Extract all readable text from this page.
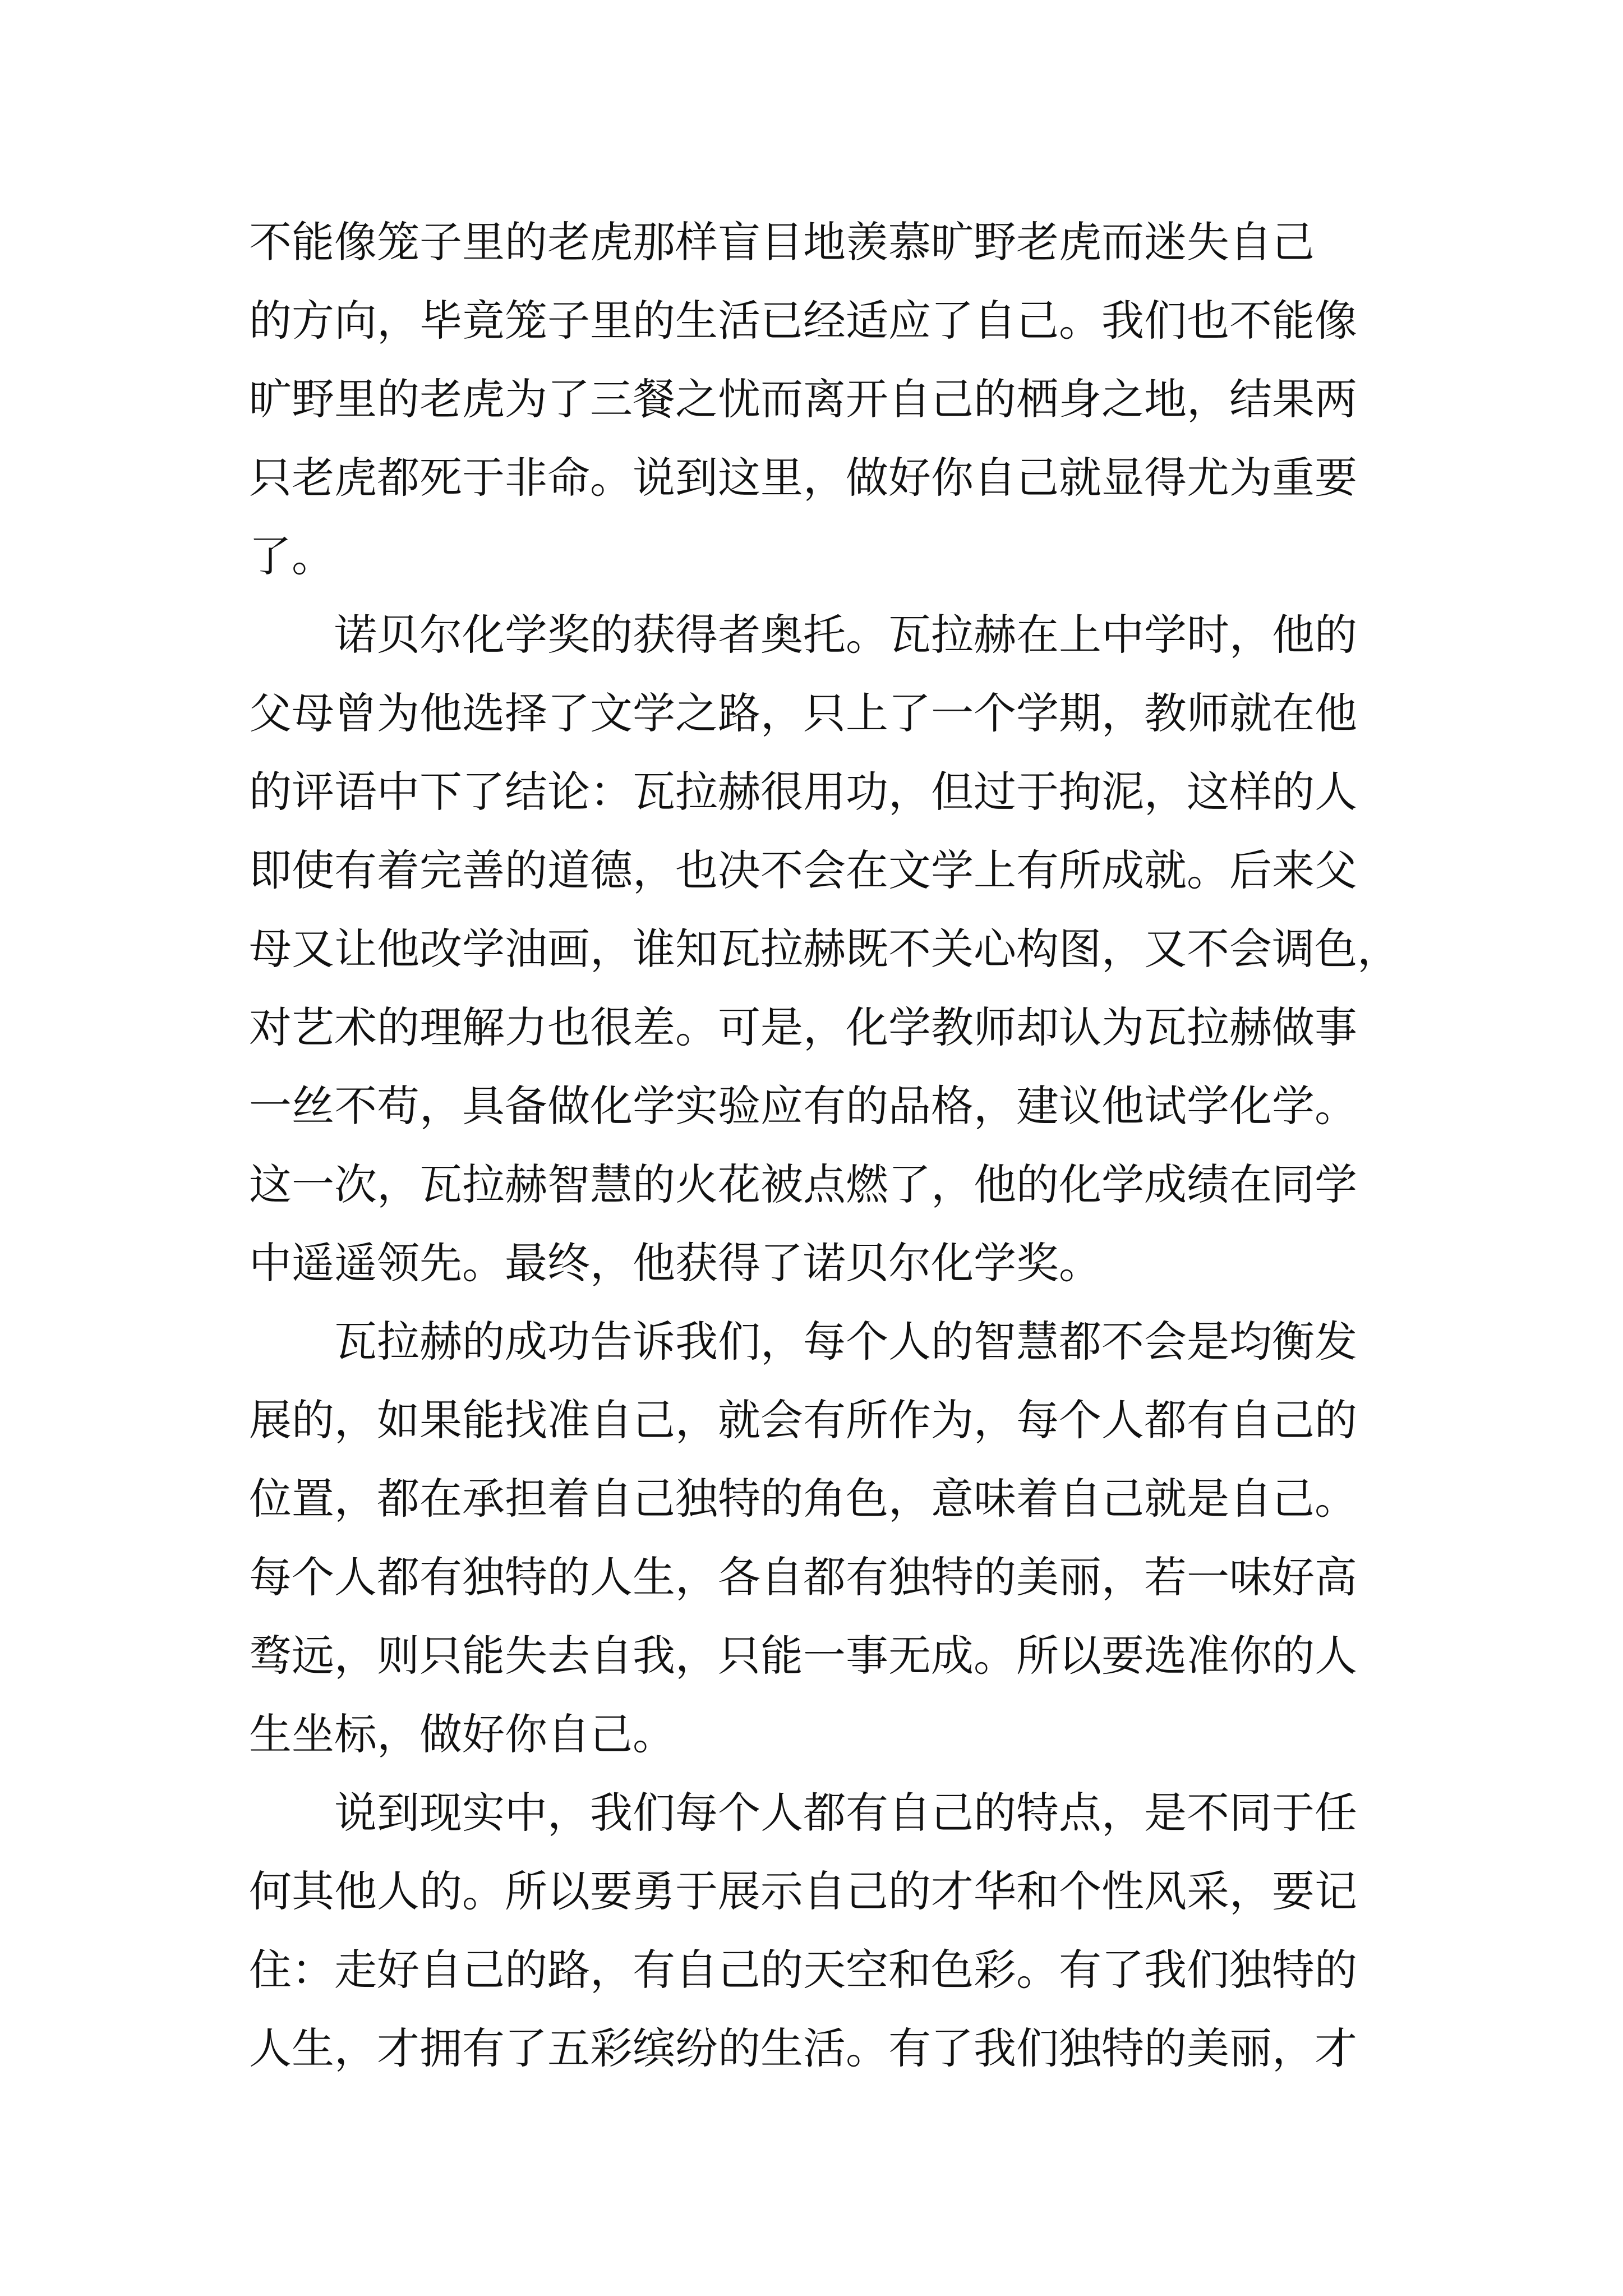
不能像笼子里的老虎那样盲目地羡慕旷野老虎而迷失自己
的方向，毕竟笼子里的生活已经适应了自己。我们也不能像
旷野里的老虎为了三餐之忧而离开自己的栖身之地，结果两
只老虎都死于非命。说到这里，做好你自己就显得尤为重要
了。
诺贝尔化学奖的获得者奥托。瓦拉赫在上中学时，他的
父母曾为他选择了文学之路，只上了一个学期，教师就在他
的评语中下了结论：瓦拉赫很用功，但过于拘泥，这样的人
即使有着完善的道德，也决不会在文学上有所成就。后来父
母又让他改学油画，谁知瓦拉赫既不关心构图，又不会调色，
对艺术的理解力也很差。可是，化学教师却认为瓦拉赫做事
一丝不苟，具备做化学实验应有的品格，建议他试学化学。
这一次，瓦拉赫智慧的火花被点燃了，他的化学成绩在同学
中遥遥领先。最终，他获得了诺贝尔化学奖。
瓦拉赫的成功告诉我们，每个人的智慧都不会是均衡发
展的，如果能找准自己，就会有所作为，每个人都有自己的
位置，都在承担着自己独特的角色，意味着自己就是自己。
每个人都有独特的人生，各自都有独特的美丽，若一味好高
骛远，则只能失去自我，只能一事无成。所以要选准你的人
生坐标，做好你自己。
说到现实中，我们每个人都有自己的特点，是不同于任
何其他人的。所以要勇于展示自己的才华和个性风采，要记
住：走好自己的路，有自己的天空和色彩。有了我们独特的
人生，才拥有了五彩缤纷的生活。有了我们独特的美丽，才
